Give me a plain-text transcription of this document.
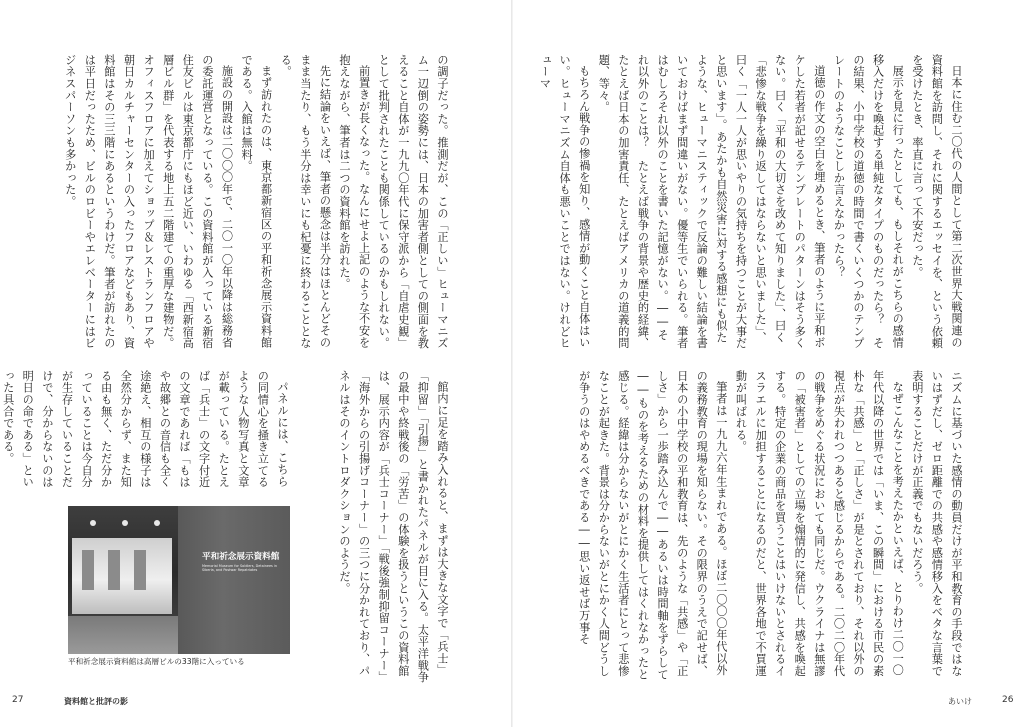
の調子だった。推測だが、この「正しい」ヒューマニズム一辺倒の姿勢には、日本の加害者側としての側面を教えること自体が一九九〇年代に保守派から「自虐史観」として批判されたことも関係しているのかもしれない。

前置きが長くなった。なんにせよ上記のような不安を抱えながら、筆者は二つの資料館を訪れた。

先に結論をいえば、筆者の懸念は半分はほとんどそのまま当たり、もう半分は幸いにも杞憂に終わることとなる。

まず訪れたのは、東京都新宿区の平和祈念展示資料館である。入館は無料。

施設の開設は二〇〇〇年で、二〇一〇年以降は総務省の委託運営となっている。この資料館が入っている新宿住友ビルは東京都庁にもほど近い、いわゆる「西新宿高層ビル群」を代表する地上五二階建ての重厚な建物だ。オフィスフロアに加えてショップ＆レストランフロアや朝日カルチャーセンターの入ったフロアなどもあり、資料館はその三三階にあるというわけだ。筆者が訪れたのは平日だったため、ビルのロビーやエレベーターにはビジネスパーソンも多かった。

館内に足を踏み入れると、まずは大きな文字で「兵士」「抑留」「引揚」と書かれたパネルが目に入る。太平洋戦争の最中や終戦後の「労苦」の体験を扱うというこの資料館は、展示内容が「兵士コーナー」「戦後強制抑留コーナー」「海外からの引揚げコーナー」の三つに分かれており、パネルはそのイントロダクションのようだ。

パネルには、こちらの同情心を掻き立てるような人物写真と文章が載っている。たとえば「兵士」の文字付近の文章であれば「もはや故郷との音信も全く途絶え、相互の様子は全然分からず、また知る由も無く、ただ分かっていることは今自分が生存していることだけで、分からないのは明日の命である」といった具合である。

平和祈念展示資料館
Memorial Museum for Soldiers, Detainees in Siberia, and Postwar Repatriates
平和祈念展示資料館は高層ビルの33階に入っている
27	資料館と批評の影

日本に住む二〇代の人間として第二次世界大戦関連の資料館を訪問し、それに関するエッセイを、という依頼を受けたとき、率直に言って不安だった。

展示を見に行ったとしても、もしそれがこちらの感情移入だけを喚起する単純なタイプのものだったら？　その結果、小中学校の道徳の時間で書くいくつかのテンプレートのようなことしか言えなかったら？

道徳の作文の空白を埋めるとき、筆者のように平和ボケした若者が記せるテンプレートのパターンはそう多くない。曰く「平和の大切さを改めて知りました」、曰く「悲惨な戦争を繰り返してはならないと思いました」、曰く「一人一人が思いやりの気持ちを持つことが大事だと思います」。あたかも自然災害に対する感想にも似たような、ヒューマニスティックで反論の難しい結論を書いておけばまず間違いがない。優等生でいられる。筆者はむしろそれ以外のことを書いた記憶がない。――それ以外のことは？　たとえば戦争の背景や歴史的経緯、たとえば日本の加害責任、たとえばアメリカの道義的問題、等々。

もちろん戦争の惨禍を知り、感情が動くこと自体はいい。ヒューマニズム自体も悪いことではない。けれどヒューマ

ニズムに基づいた感情の動員だけが平和教育の手段ではないはずだし、ゼロ距離での共感や感情移入をベタな言葉で表明することだけが正義でもないだろう。

なぜこんなことを考えたかといえば、とりわけ二〇一〇年代以降の世界では「いま、この瞬間」における市民の素朴な「共感」と「正しさ」が是とされており、それ以外の視点が失われつつあると感じるからである。二〇二〇年代の戦争をめぐる状況においても同じだ。ウクライナは無謬の「被害者」としての立場を煽情的に発信し、共感を喚起する。特定の企業の商品を買うことはいけないとされるイスラエルに加担することになるのだと、世界各地で不買運動が叫ばれる。

筆者は一九九六年生まれである。ほぼ二〇〇〇年代以外の義務教育の現場を知らない。その限界のうえで記せば、日本の小中学校の平和教育は、先のような「共感」や「正しさ」から一歩踏み込んで――あるいは時間軸をずらして――ものを考えるための材料を提供してはくれなかったと感じる。経緯は分からないがとにかく生活者にとって悲惨なことが起きた。背景は分からないがとにかく人間どうしが争うのはやめるべきである――思い返せば万事そ

あいけ	26
